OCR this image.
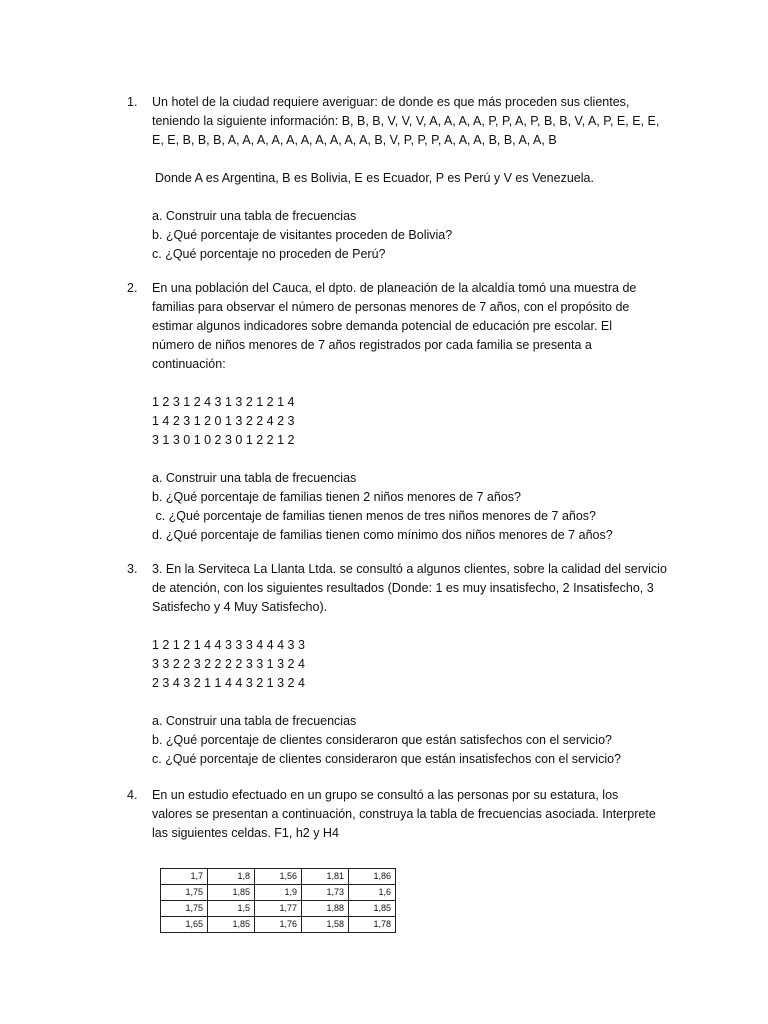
1. Un hotel de la ciudad requiere averiguar: de donde es que más proceden sus clientes,
teniendo la siguiente información: B, B, B, V, V, V, A, A, A, A, P, P, A, P, B, B, V, A, P, E, E, E,
E, E, B, B, B, A, A, A, A, A, A, A, A, A, A, B, V, P, P, P, A, A, A, B, B, A, A, B
Donde A es Argentina, B es Bolivia, E es Ecuador, P es Perú y V es Venezuela.
a. Construir una tabla de frecuencias
b. ¿Qué porcentaje de visitantes proceden de Bolivia?
c. ¿Qué porcentaje no proceden de Perú?
2. En una población del Cauca, el dpto. de planeación de la alcaldía tomó una muestra de
familias para observar el número de personas menores de 7 años, con el propósito de
estimar algunos indicadores sobre demanda potencial de educación pre escolar. El
número de niños menores de 7 años registrados por cada familia se presenta a
continuación:
1 2 3 1 2 4 3 1 3 2 1 2 1 4
1 4 2 3 1 2 0 1 3 2 2 4 2 3
3 1 3 0 1 0 2 3 0 1 2 2 1 2
a. Construir una tabla de frecuencias
b. ¿Qué porcentaje de familias tienen 2 niños menores de 7 años?
c. ¿Qué porcentaje de familias tienen menos de tres niños menores de 7 años?
d. ¿Qué porcentaje de familias tienen como mínimo dos niños menores de 7 años?
3. 3. En la Serviteca La Llanta Ltda. se consultó a algunos clientes, sobre la calidad del servicio
de atención, con los siguientes resultados (Donde: 1 es muy insatisfecho, 2 Insatisfecho, 3
Satisfecho y 4 Muy Satisfecho).
1 2 1 2 1 4 4 3 3 3 4 4 4 3 3
3 3 2 2 3 2 2 2 2 3 3 1 3 2 4
2 3 4 3 2 1 1 4 4 3 2 1 3 2 4
a. Construir una tabla de frecuencias
b. ¿Qué porcentaje de clientes consideraron que están satisfechos con el servicio?
c. ¿Qué porcentaje de clientes consideraron que están insatisfechos con el servicio?
4. En un estudio efectuado en un grupo se consultó a las personas por su estatura, los
valores se presentan a continuación, construya la tabla de frecuencias asociada. Interprete
las siguientes celdas. F1, h2 y H4
1,7	1,8	1,56	1,81	1,86
1,75	1,85	1,9	1,73	1,6
1,75	1,5	1,77	1,88	1,85
1,65	1,85	1,76	1,58	1,78
